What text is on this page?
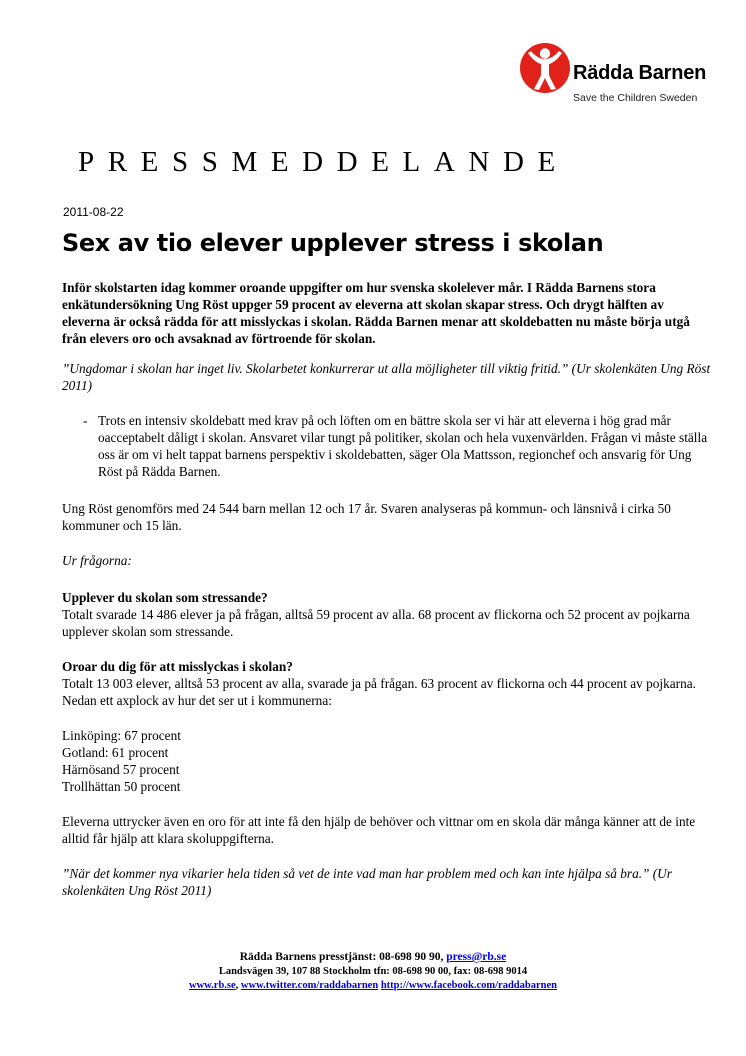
Rädda Barnen
Save the Children Sweden
PRESSMEDDELANDE
2011-08-22
Sex av tio elever upplever stress i skolan

Inför skolstarten idag kommer oroande uppgifter om hur svenska skolelever mår. I Rädda Barnens stora enkätundersökning Ung Röst uppger 59 procent av eleverna att skolan skapar stress. Och drygt hälften av eleverna är också rädda för att misslyckas i skolan. Rädda Barnen menar att skoldebatten nu måste börja utgå från elevers oro och avsaknad av förtroende för skolan.

”Ungdomar i skolan har inget liv. Skolarbetet konkurrerar ut alla möjligheter till viktig fritid.” (Ur skolenkäten Ung Röst 2011)

- Trots en intensiv skoldebatt med krav på och löften om en bättre skola ser vi här att eleverna i hög grad mår oacceptabelt dåligt i skolan. Ansvaret vilar tungt på politiker, skolan och hela vuxenvärlden. Frågan vi måste ställa oss är om vi helt tappat barnens perspektiv i skoldebatten, säger Ola Mattsson, regionchef och ansvarig för Ung Röst på Rädda Barnen.

Ung Röst genomförs med 24 544 barn mellan 12 och 17 år. Svaren analyseras på kommun- och länsnivå i cirka 50 kommuner och 15 län.

Ur frågorna:

Upplever du skolan som stressande?

Totalt svarade 14 486 elever ja på frågan, alltså 59 procent av alla. 68 procent av flickorna och 52 procent av pojkarna upplever skolan som stressande.

Oroar du dig för att misslyckas i skolan?

Totalt 13 003 elever, alltså 53 procent av alla, svarade ja på frågan. 63 procent av flickorna och 44 procent av pojkarna. Nedan ett axplock av hur det ser ut i kommunerna:

Linköping: 67 procent
Gotland: 61 procent
Härnösand 57 procent
Trollhättan 50 procent

Eleverna uttrycker även en oro för att inte få den hjälp de behöver och vittnar om en skola där många känner att de inte alltid får hjälp att klara skoluppgifterna.

”När det kommer nya vikarier hela tiden så vet de inte vad man har problem med och kan inte hjälpa så bra.” (Ur skolenkäten Ung Röst 2011)

Rädda Barnens presstjänst: 08-698 90 90, press@rb.se
Landsvägen 39, 107 88 Stockholm tfn: 08-698 90 00, fax: 08-698 9014
www.rb.se, www.twitter.com/raddabarnen http://www.facebook.com/raddabarnen
